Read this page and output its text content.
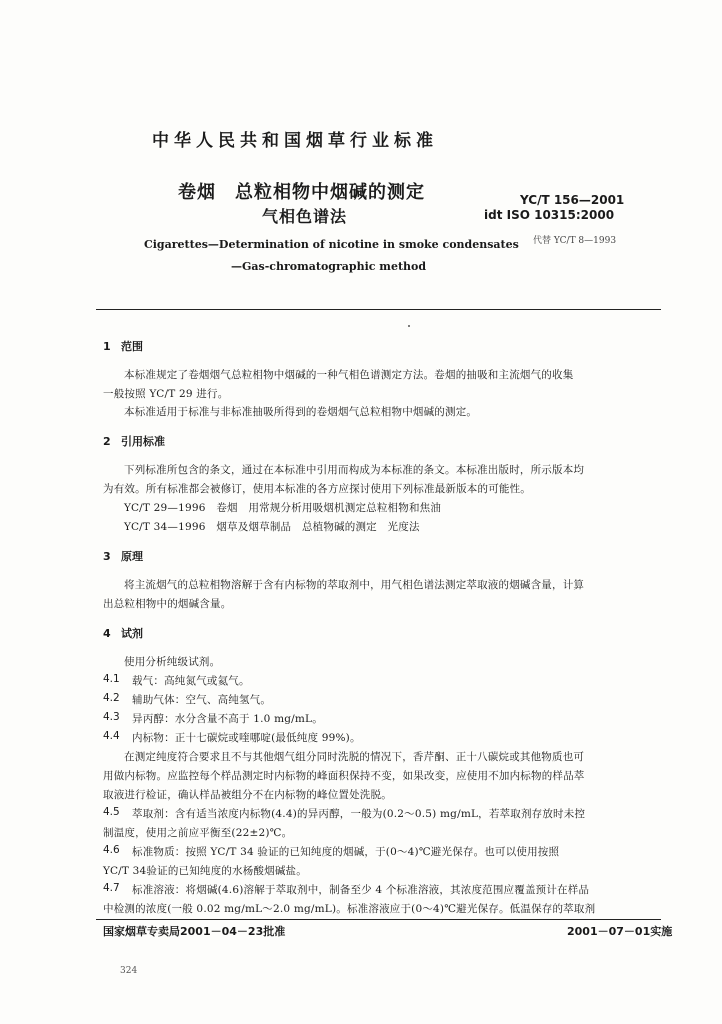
中华人民共和国烟草行业标准
卷烟　总粒相物中烟碱的测定
气相色谱法
YC/T 156—2001
idt ISO 10315:2000
代替 YC/T 8—1993
Cigarettes—Determination of nicotine in smoke condensates
—Gas-chromatographic method
1 范围
本标准规定了卷烟烟气总粒相物中烟碱的一种气相色谱测定方法。卷烟的抽吸和主流烟气的收集
一般按照 YC/T 29 进行。
本标准适用于标准与非标准抽吸所得到的卷烟烟气总粒相物中烟碱的测定。
2 引用标准
下列标准所包含的条文，通过在本标准中引用而构成为本标准的条文。本标准出版时，所示版本均
为有效。所有标准都会被修订，使用本标准的各方应探讨使用下列标准最新版本的可能性。
YC/T 29—1996　卷烟　用常规分析用吸烟机测定总粒相物和焦油
YC/T 34—1996　烟草及烟草制品　总植物碱的测定　光度法
3 原理
将主流烟气的总粒相物溶解于含有内标物的萃取剂中，用气相色谱法测定萃取液的烟碱含量，计算
出总粒相物中的烟碱含量。
4 试剂
使用分析纯级试剂。
4.1 载气：高纯氮气或氦气。
4.2 辅助气体：空气、高纯氢气。
4.3 异丙醇：水分含量不高于 1.0 mg/mL。
4.4 内标物：正十七碳烷或喹哪啶(最低纯度 99%)。
在测定纯度符合要求且不与其他烟气组分同时洗脱的情况下，香芹酮、正十八碳烷或其他物质也可
用做内标物。应监控每个样品测定时内标物的峰面积保持不变，如果改变，应使用不加内标物的样品萃
取液进行检证，确认样品被组分不在内标物的峰位置处洗脱。
4.5 萃取剂：含有适当浓度内标物(4.4)的异丙醇，一般为(0.2～0.5) mg/mL，若萃取剂存放时未控
制温度，使用之前应平衡至(22±2)℃。
4.6 标准物质：按照 YC/T 34 验证的已知纯度的烟碱，于(0～4)℃避光保存。也可以使用按照
YC/T 34验证的已知纯度的水杨酸烟碱盐。
4.7 标准溶液：将烟碱(4.6)溶解于萃取剂中，制备至少 4 个标准溶液，其浓度范围应覆盖预计在样品
中检测的浓度(一般 0.02 mg/mL～2.0 mg/mL)。标准溶液应于(0～4)℃避光保存。低温保存的萃取剂
国家烟草专卖局2001－04－23批准	2001－07－01实施
324
